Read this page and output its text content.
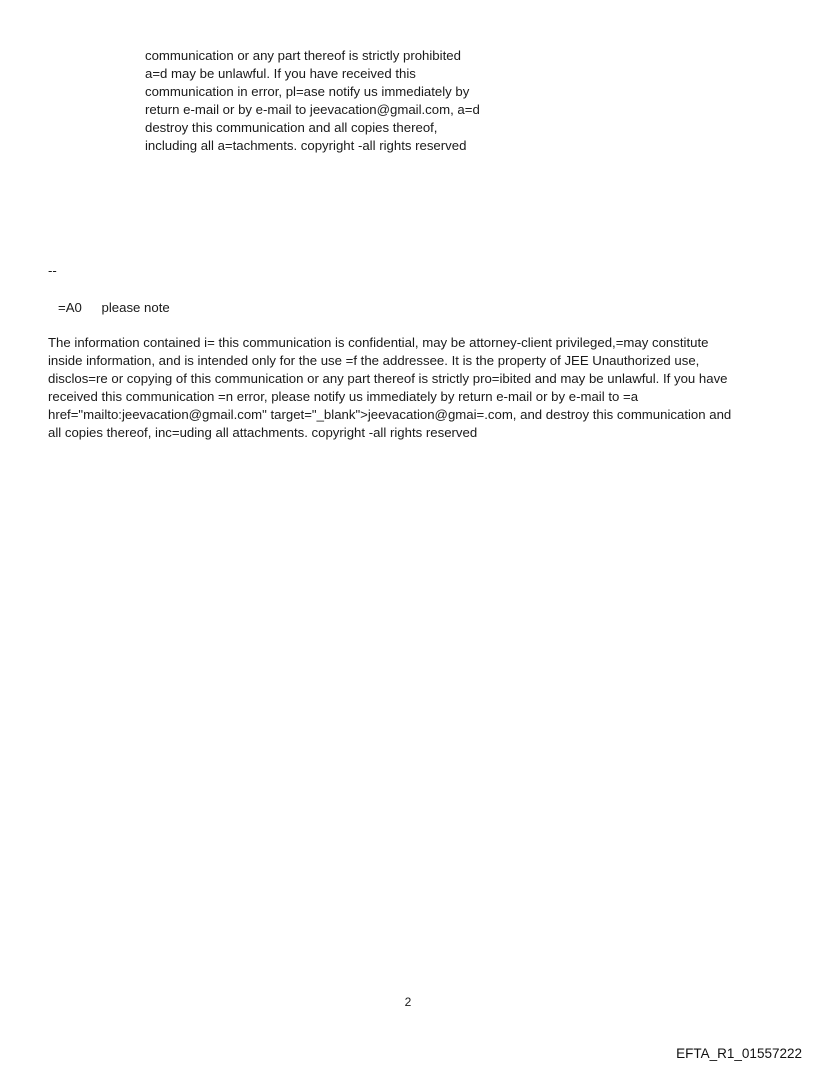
communication or any part thereof is strictly prohibited
a=d may be unlawful. If you have received this
communication in error, pl=ase notify us immediately by
return e-mail or by e-mail to jeevacation@gmail.com, a=d
destroy this communication and all copies thereof,
including all a=tachments. copyright -all rights reserved
--
=A0 please note
The information contained i= this communication is confidential, may be attorney-client privileged,=may constitute
inside information, and is intended only for the use =f the addressee. It is the property of JEE Unauthorized use,
disclos=re or copying of this communication or any part thereof is strictly pro=ibited and may be unlawful. If you have
received this communication =n error, please notify us immediately by return e-mail or by e-mail to =a
href="mailto:jeevacation@gmail.com" target="_blank">jeevacation@gmai=.com, and destroy this communication and
all copies thereof, inc=uding all attachments. copyright -all rights reserved
2
EFTA_R1_01557222
